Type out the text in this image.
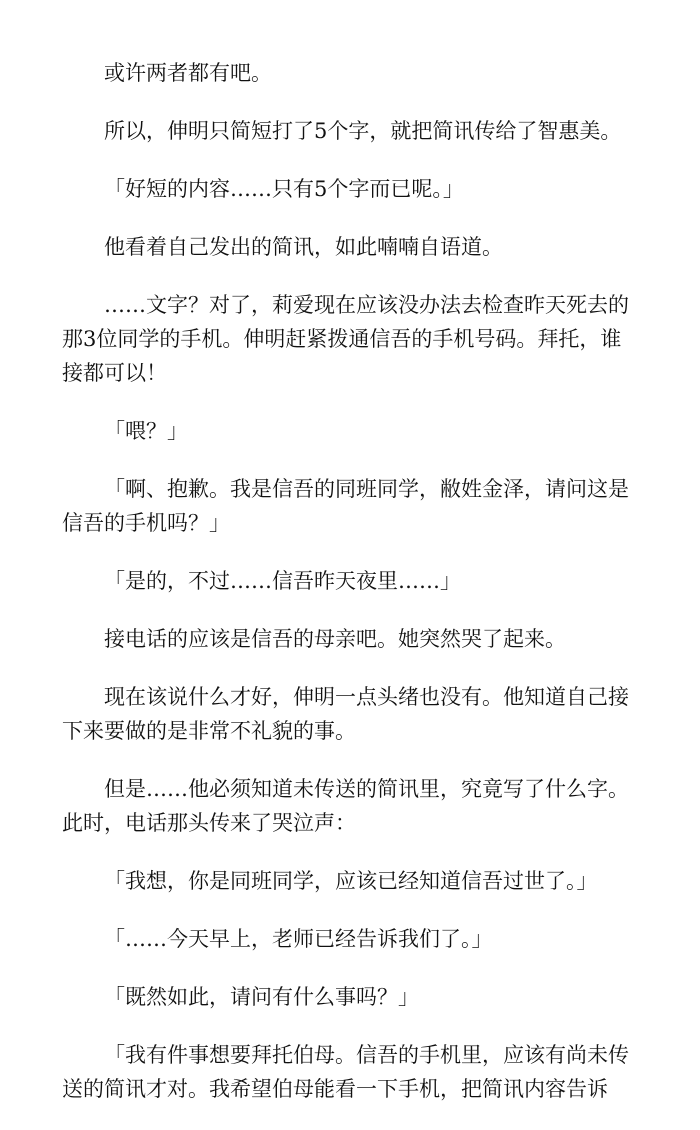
或许两者都有吧。

所以，伸明只简短打了5个字，就把简讯传给了智惠美。

「好短的内容……只有5个字而已呢。」

他看着自己发出的简讯，如此喃喃自语道。

……文字？对了，莉爱现在应该没办法去检查昨天死去的那3位同学的手机。伸明赶紧拨通信吾的手机号码。拜托，谁接都可以！

「喂？」

「啊、抱歉。我是信吾的同班同学，敝姓金泽，请问这是信吾的手机吗？」

「是的，不过……信吾昨天夜里……」

接电话的应该是信吾的母亲吧。她突然哭了起来。

现在该说什么才好，伸明一点头绪也没有。他知道自己接下来要做的是非常不礼貌的事。

但是……他必须知道未传送的简讯里，究竟写了什么字。此时，电话那头传来了哭泣声：

「我想，你是同班同学，应该已经知道信吾过世了。」

「……今天早上，老师已经告诉我们了。」

「既然如此，请问有什么事吗？」

「我有件事想要拜托伯母。信吾的手机里，应该有尚未传送的简讯才对。我希望伯母能看一下手机，把简讯内容告诉
